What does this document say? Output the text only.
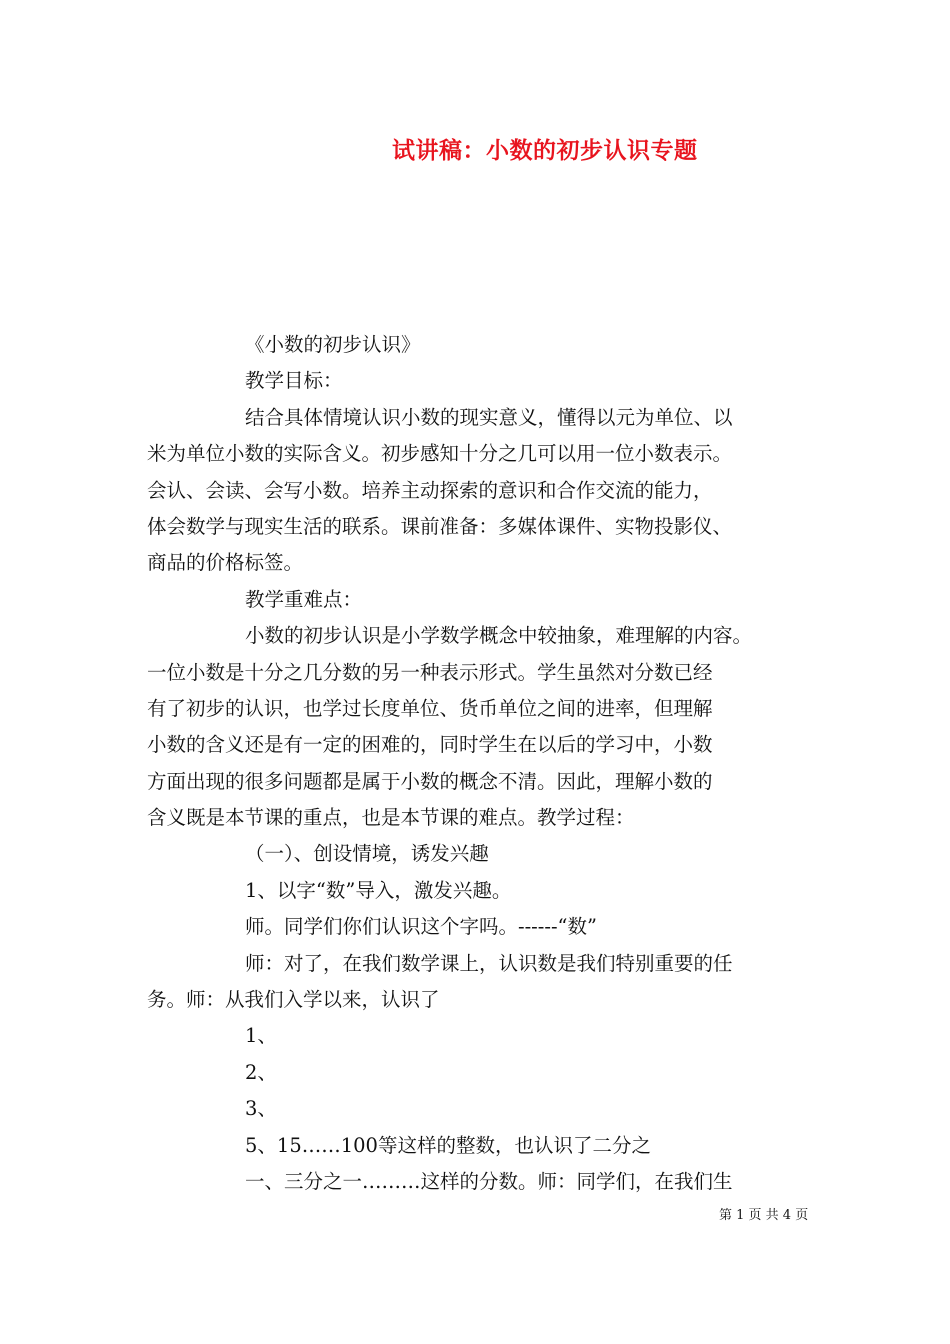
试讲稿：小数的初步认识专题
《小数的初步认识》
教学目标：
结合具体情境认识小数的现实意义，懂得以元为单位、以
米为单位小数的实际含义。初步感知十分之几可以用一位小数表示。
会认、会读、会写小数。培养主动探索的意识和合作交流的能力，
体会数学与现实生活的联系。课前准备：多媒体课件、实物投影仪、
商品的价格标签。
教学重难点：
小数的初步认识是小学数学概念中较抽象，难理解的内容。
一位小数是十分之几分数的另一种表示形式。学生虽然对分数已经
有了初步的认识，也学过长度单位、货币单位之间的进率，但理解
小数的含义还是有一定的困难的，同时学生在以后的学习中，小数
方面出现的很多问题都是属于小数的概念不清。因此，理解小数的
含义既是本节课的重点，也是本节课的难点。教学过程：
（一）、创设情境，诱发兴趣
1、以字“数”导入，激发兴趣。
师。同学们你们认识这个字吗。------“数”
师：对了，在我们数学课上，认识数是我们特别重要的任
务。师：从我们入学以来，认识了
1、
2、
3、
5、15……100等这样的整数，也认识了二分之
一、三分之一………这样的分数。师：同学们，在我们生
第 1 页 共 4 页
